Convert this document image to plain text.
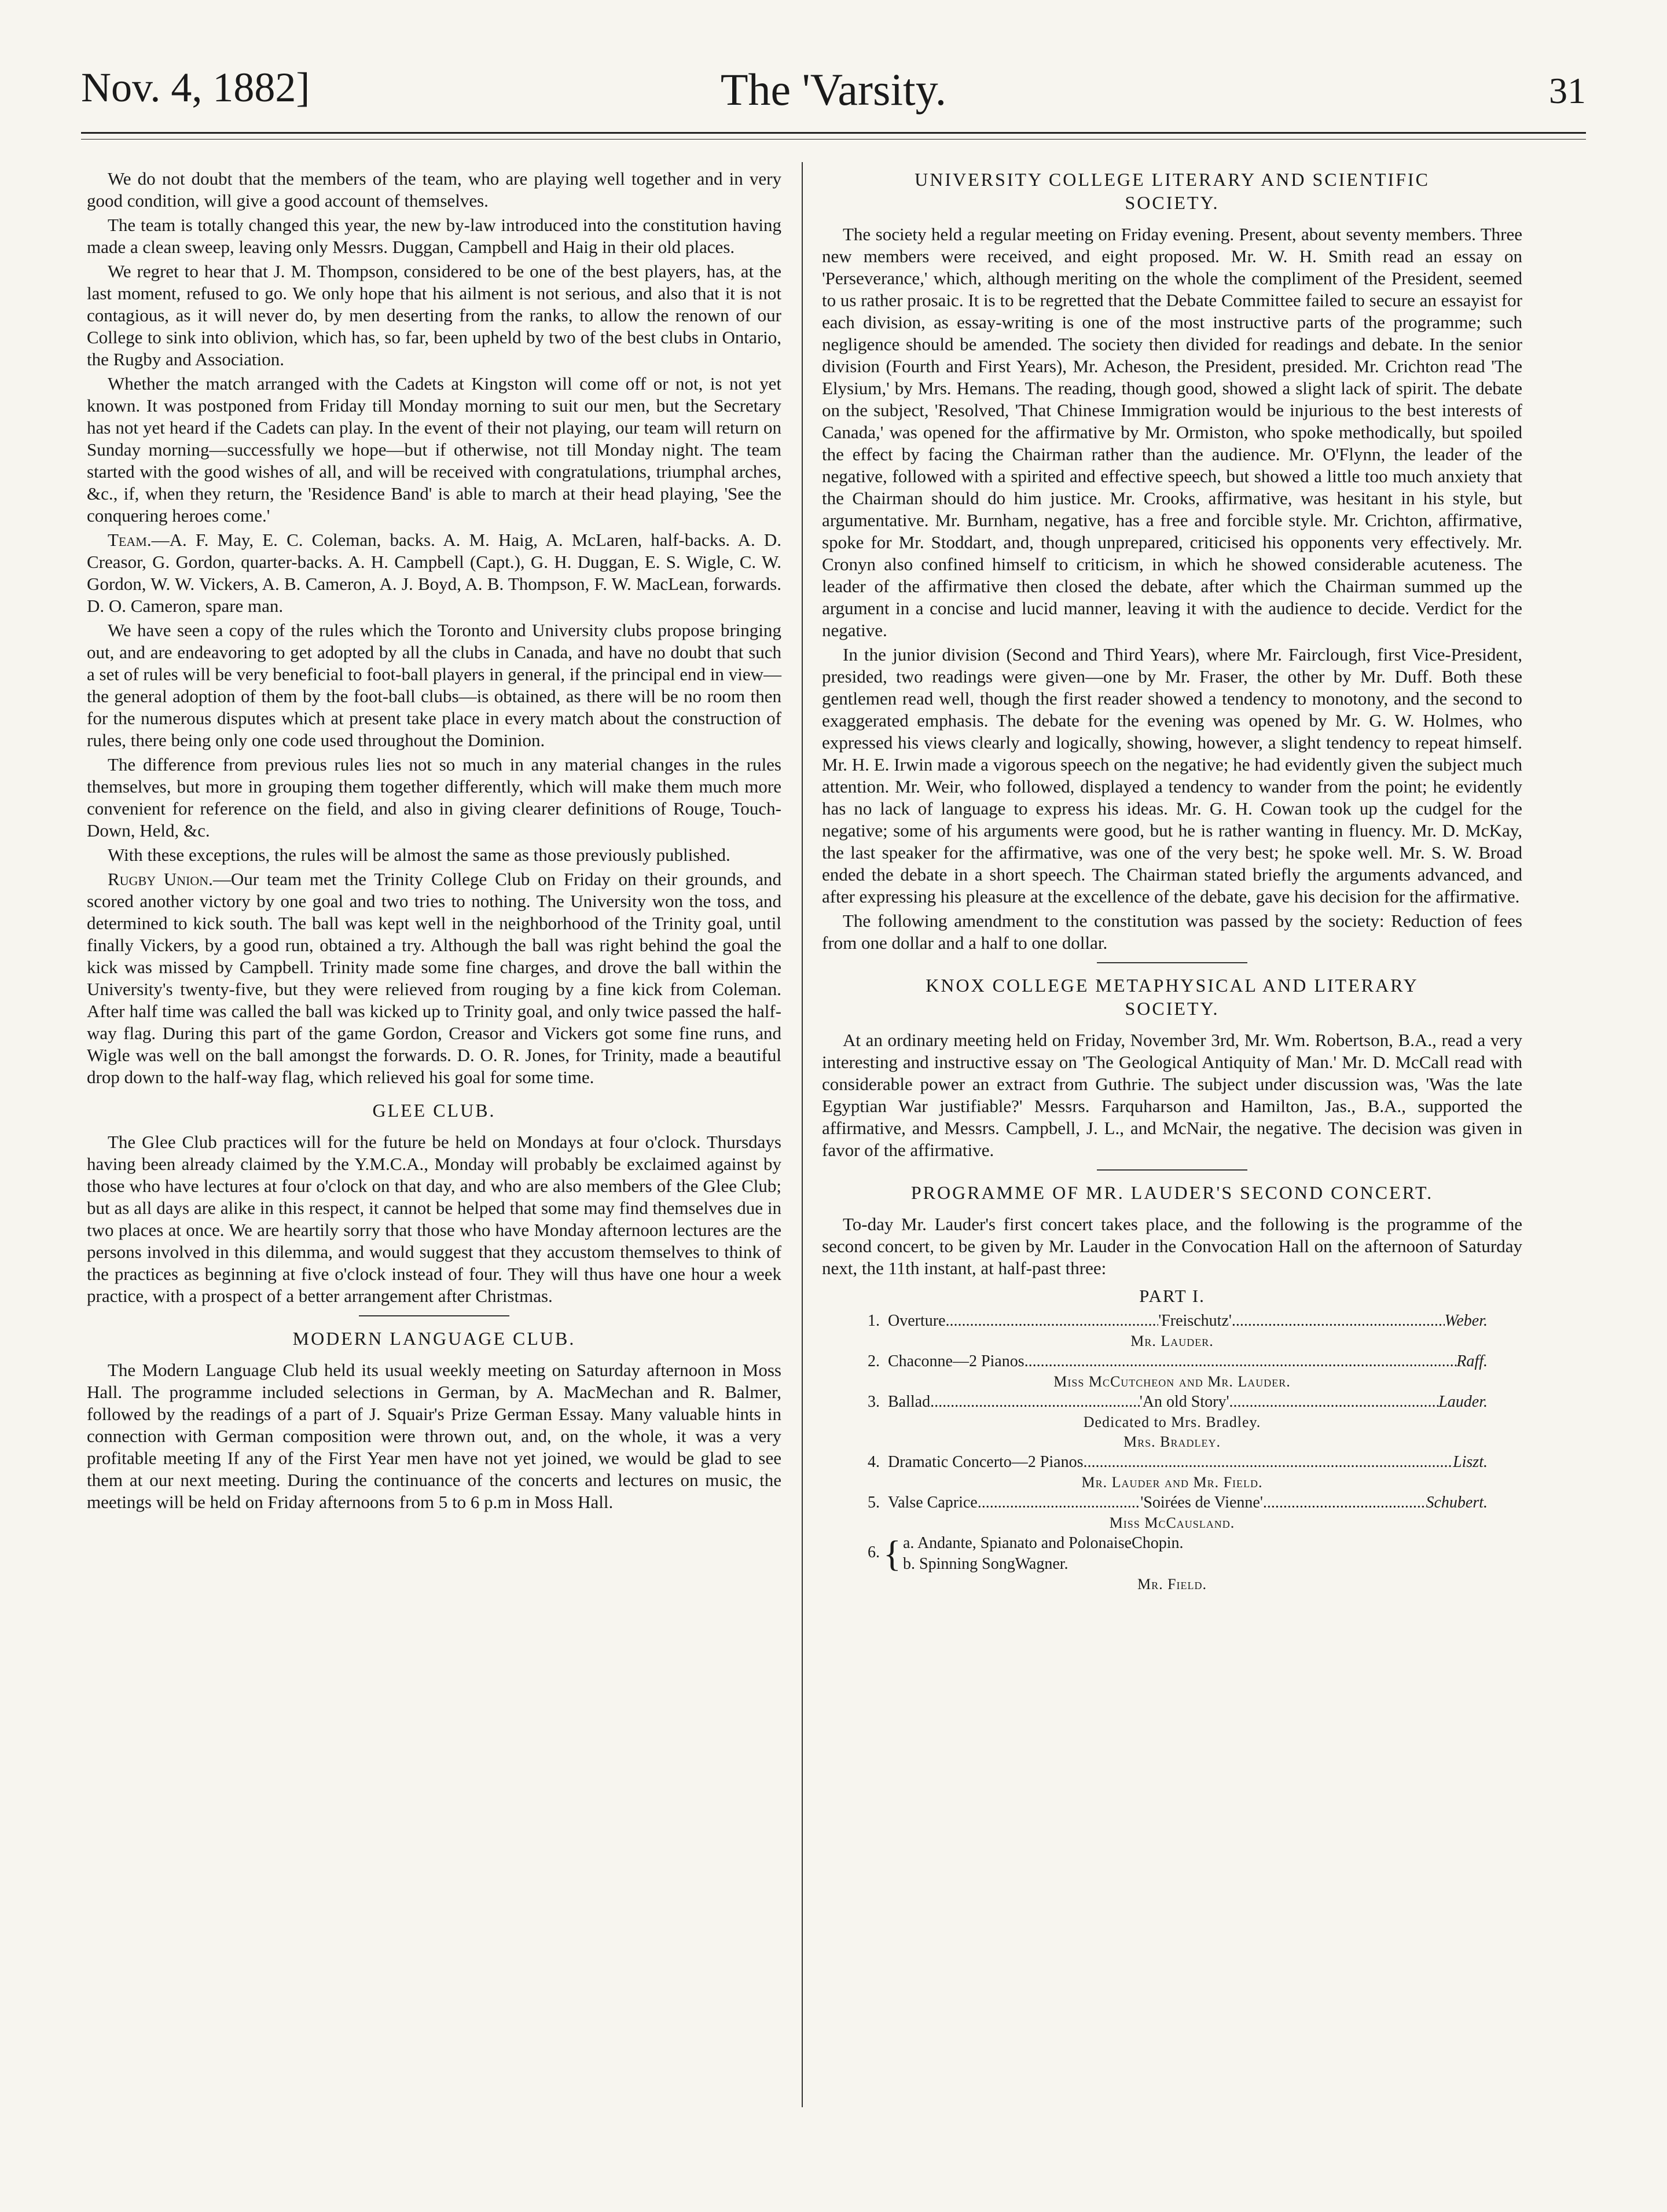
Nov. 4, 1882]	The 'Varsity.	31

We do not doubt that the members of the team, who are playing well together and in very good condition, will give a good account of themselves.

The team is totally changed this year, the new by-law introduced into the constitution having made a clean sweep, leaving only Messrs. Duggan, Campbell and Haig in their old places.

We regret to hear that J. M. Thompson, considered to be one of the best players, has, at the last moment, refused to go. We only hope that his ailment is not serious, and also that it is not contagious, as it will never do, by men deserting from the ranks, to allow the renown of our College to sink into oblivion, which has, so far, been upheld by two of the best clubs in Ontario, the Rugby and Association.

Whether the match arranged with the Cadets at Kingston will come off or not, is not yet known. It was postponed from Friday till Monday morning to suit our men, but the Secretary has not yet heard if the Cadets can play. In the event of their not playing, our team will return on Sunday morning—successfully we hope—but if otherwise, not till Monday night. The team started with the good wishes of all, and will be received with congratulations, triumphal arches, &c., if, when they return, the 'Residence Band' is able to march at their head playing, 'See the conquering heroes come.'

Team.—A. F. May, E. C. Coleman, backs. A. M. Haig, A. McLaren, half-backs. A. D. Creasor, G. Gordon, quarter-backs. A. H. Campbell (Capt.), G. H. Duggan, E. S. Wigle, C. W. Gordon, W. W. Vickers, A. B. Cameron, A. J. Boyd, A. B. Thompson, F. W. MacLean, forwards. D. O. Cameron, spare man.

We have seen a copy of the rules which the Toronto and University clubs propose bringing out, and are endeavoring to get adopted by all the clubs in Canada, and have no doubt that such a set of rules will be very beneficial to foot-ball players in general, if the principal end in view—the general adoption of them by the foot-ball clubs—is obtained, as there will be no room then for the numerous disputes which at present take place in every match about the construction of rules, there being only one code used throughout the Dominion.

The difference from previous rules lies not so much in any material changes in the rules themselves, but more in grouping them together differently, which will make them much more convenient for reference on the field, and also in giving clearer definitions of Rouge, Touch-Down, Held, &c.

With these exceptions, the rules will be almost the same as those previously published.

Rugby Union.—Our team met the Trinity College Club on Friday on their grounds, and scored another victory by one goal and two tries to nothing. The University won the toss, and determined to kick south. The ball was kept well in the neighborhood of the Trinity goal, until finally Vickers, by a good run, obtained a try. Although the ball was right behind the goal the kick was missed by Campbell. Trinity made some fine charges, and drove the ball within the University's twenty-five, but they were relieved from rouging by a fine kick from Coleman. After half time was called the ball was kicked up to Trinity goal, and only twice passed the half-way flag. During this part of the game Gordon, Creasor and Vickers got some fine runs, and Wigle was well on the ball amongst the forwards. D. O. R. Jones, for Trinity, made a beautiful drop down to the half-way flag, which relieved his goal for some time.

GLEE CLUB.

The Glee Club practices will for the future be held on Mondays at four o'clock. Thursdays having been already claimed by the Y.M.C.A., Monday will probably be exclaimed against by those who have lectures at four o'clock on that day, and who are also members of the Glee Club; but as all days are alike in this respect, it cannot be helped that some may find themselves due in two places at once. We are heartily sorry that those who have Monday afternoon lectures are the persons involved in this dilemma, and would suggest that they accustom themselves to think of the practices as beginning at five o'clock instead of four. They will thus have one hour a week practice, with a prospect of a better arrangement after Christmas.

MODERN LANGUAGE CLUB.

The Modern Language Club held its usual weekly meeting on Saturday afternoon in Moss Hall. The programme included selections in German, by A. MacMechan and R. Balmer, followed by the readings of a part of J. Squair's Prize German Essay. Many valuable hints in connection with German composition were thrown out, and, on the whole, it was a very profitable meeting If any of the First Year men have not yet joined, we would be glad to see them at our next meeting. During the continuance of the concerts and lectures on music, the meetings will be held on Friday afternoons from 5 to 6 p.m in Moss Hall.

UNIVERSITY COLLEGE LITERARY AND SCIENTIFIC
SOCIETY.

The society held a regular meeting on Friday evening. Present, about seventy members. Three new members were received, and eight proposed. Mr. W. H. Smith read an essay on 'Perseverance,' which, although meriting on the whole the compliment of the President, seemed to us rather prosaic. It is to be regretted that the Debate Committee failed to secure an essayist for each division, as essay-writing is one of the most instructive parts of the programme; such negligence should be amended. The society then divided for readings and debate. In the senior division (Fourth and First Years), Mr. Acheson, the President, presided. Mr. Crichton read 'The Elysium,' by Mrs. Hemans. The reading, though good, showed a slight lack of spirit. The debate on the subject, 'Resolved, 'That Chinese Immigration would be injurious to the best interests of Canada,' was opened for the affirmative by Mr. Ormiston, who spoke methodically, but spoiled the effect by facing the Chairman rather than the audience. Mr. O'Flynn, the leader of the negative, followed with a spirited and effective speech, but showed a little too much anxiety that the Chairman should do him justice. Mr. Crooks, affirmative, was hesitant in his style, but argumentative. Mr. Burnham, negative, has a free and forcible style. Mr. Crichton, affirmative, spoke for Mr. Stoddart, and, though unprepared, criticised his opponents very effectively. Mr. Cronyn also confined himself to criticism, in which he showed considerable acuteness. The leader of the affirmative then closed the debate, after which the Chairman summed up the argument in a concise and lucid manner, leaving it with the audience to decide. Verdict for the negative.

In the junior division (Second and Third Years), where Mr. Fairclough, first Vice-President, presided, two readings were given—one by Mr. Fraser, the other by Mr. Duff. Both these gentlemen read well, though the first reader showed a tendency to monotony, and the second to exaggerated emphasis. The debate for the evening was opened by Mr. G. W. Holmes, who expressed his views clearly and logically, showing, however, a slight tendency to repeat himself. Mr. H. E. Irwin made a vigorous speech on the negative; he had evidently given the subject much attention. Mr. Weir, who followed, displayed a tendency to wander from the point; he evidently has no lack of language to express his ideas. Mr. G. H. Cowan took up the cudgel for the negative; some of his arguments were good, but he is rather wanting in fluency. Mr. D. McKay, the last speaker for the affirmative, was one of the very best; he spoke well. Mr. S. W. Broad ended the debate in a short speech. The Chairman stated briefly the arguments advanced, and after expressing his pleasure at the excellence of the debate, gave his decision for the affirmative.

The following amendment to the constitution was passed by the society: Reduction of fees from one dollar and a half to one dollar.

KNOX COLLEGE METAPHYSICAL AND LITERARY
SOCIETY.

At an ordinary meeting held on Friday, November 3rd, Mr. Wm. Robertson, B.A., read a very interesting and instructive essay on 'The Geological Antiquity of Man.' Mr. D. McCall read with considerable power an extract from Guthrie. The subject under discussion was, 'Was the late Egyptian War justifiable?' Messrs. Farquharson and Hamilton, Jas., B.A., supported the affirmative, and Messrs. Campbell, J. L., and McNair, the negative. The decision was given in favor of the affirmative.

PROGRAMME OF MR. LAUDER'S SECOND CONCERT.

To-day Mr. Lauder's first concert takes place, and the following is the programme of the second concert, to be given by Mr. Lauder in the Convocation Hall on the afternoon of Saturday next, the 11th instant, at half-past three:

PART I.
1. Overture .....	'Freischutz' .....	Weber.
Mr. Lauder.
2. Chaconne—2 Pianos .....	Raff.
Miss McCutcheon and Mr. Lauder.
3. Ballad .....	'An old Story' .....	Lauder.
Dedicated to Mrs. Bradley.
Mrs. Bradley.
4. Dramatic Concerto—2 Pianos .....	Liszt.
Mr. Lauder and Mr. Field.
5. Valse Caprice .....	'Soirées de Vienne' .....	Schubert.
Miss McCausland.
6. { a. Andante, Spianato and Polonaise Chopin.
b. Spinning Song Wagner.
Mr. Field.
